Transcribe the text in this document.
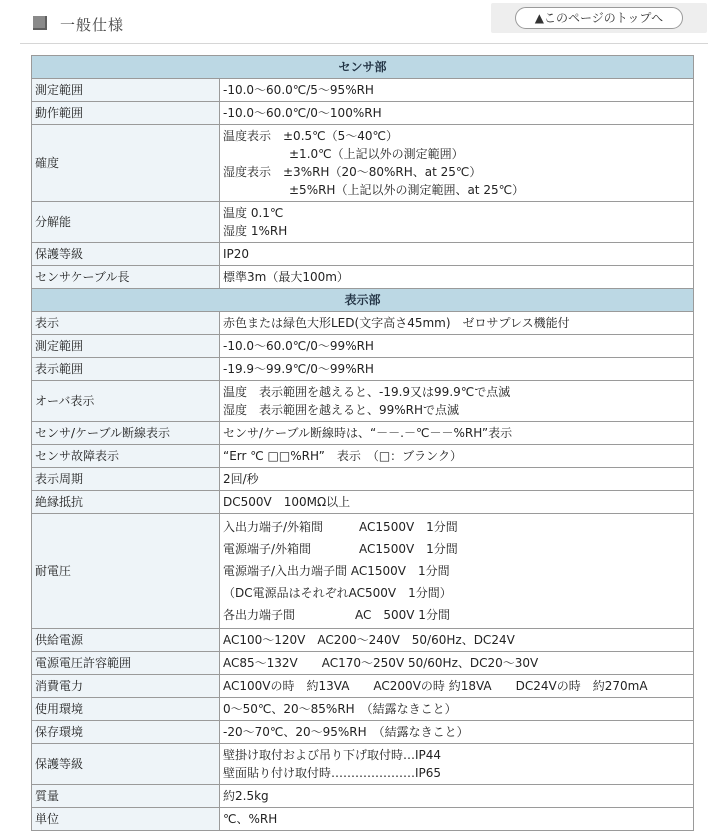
一般仕様	▲このページのトップへ
センサ部	
測定範囲	-10.0～60.0℃/5～95%RH

動作範囲	-10.0～60.0℃/0～100%RH

確度	温度表示　±0.5℃（5～40℃）
±1.0℃（上記以外の測定範囲）
湿度表示　±3%RH（20～80%RH、at 25℃）
±5%RH（上記以外の測定範囲、at 25℃）

分解能	温度 0.1℃
湿度 1%RH

保護等級	IP20

センサケーブル長	標準3m（最大100m）

表示部	
表示	赤色または緑色大形LED(文字高さ45mm)　ゼロサプレス機能付

測定範囲	-10.0～60.0℃/0～99%RH

表示範囲	-19.9～99.9℃/0～99%RH

オーバ表示	温度　表示範囲を越えると、-19.9又は99.9℃で点滅
湿度　表示範囲を越えると、99%RHで点滅

センサ/ケーブル断線表示	センサ/ケーブル断線時は、“－－.－℃－－%RH”表示

センサ故障表示	“Err ℃ □□%RH”　表示　（□：ブランク）

表示周期	2回/秒

絶縁抵抗	DC500V　100MΩ以上

耐電圧	入出力端子/外箱間　　　AC1500V　1分間
電源端子/外箱間　　　　AC1500V　1分間
電源端子/入出力端子間 AC1500V　1分間
（DC電源品はそれぞれAC500V　1分間）
各出力端子間　　　　　AC　500V 1分間

供給電源	AC100～120V　AC200～240V　50/60Hz、DC24V

電源電圧許容範囲	AC85～132V　　AC170～250V 50/60Hz、DC20～30V

消費電力	AC100Vの時　約13VA　　AC200Vの時 約18VA　　DC24Vの時　約270mA

使用環境	0～50℃、20～85%RH　（結露なきこと）

保存環境	-20～70℃、20～95%RH　（結露なきこと）

保護等級	壁掛け取付および吊り下げ取付時…IP44
壁面貼り付け取付時…………………IP65

質量	約2.5kg

単位	℃、%RH
